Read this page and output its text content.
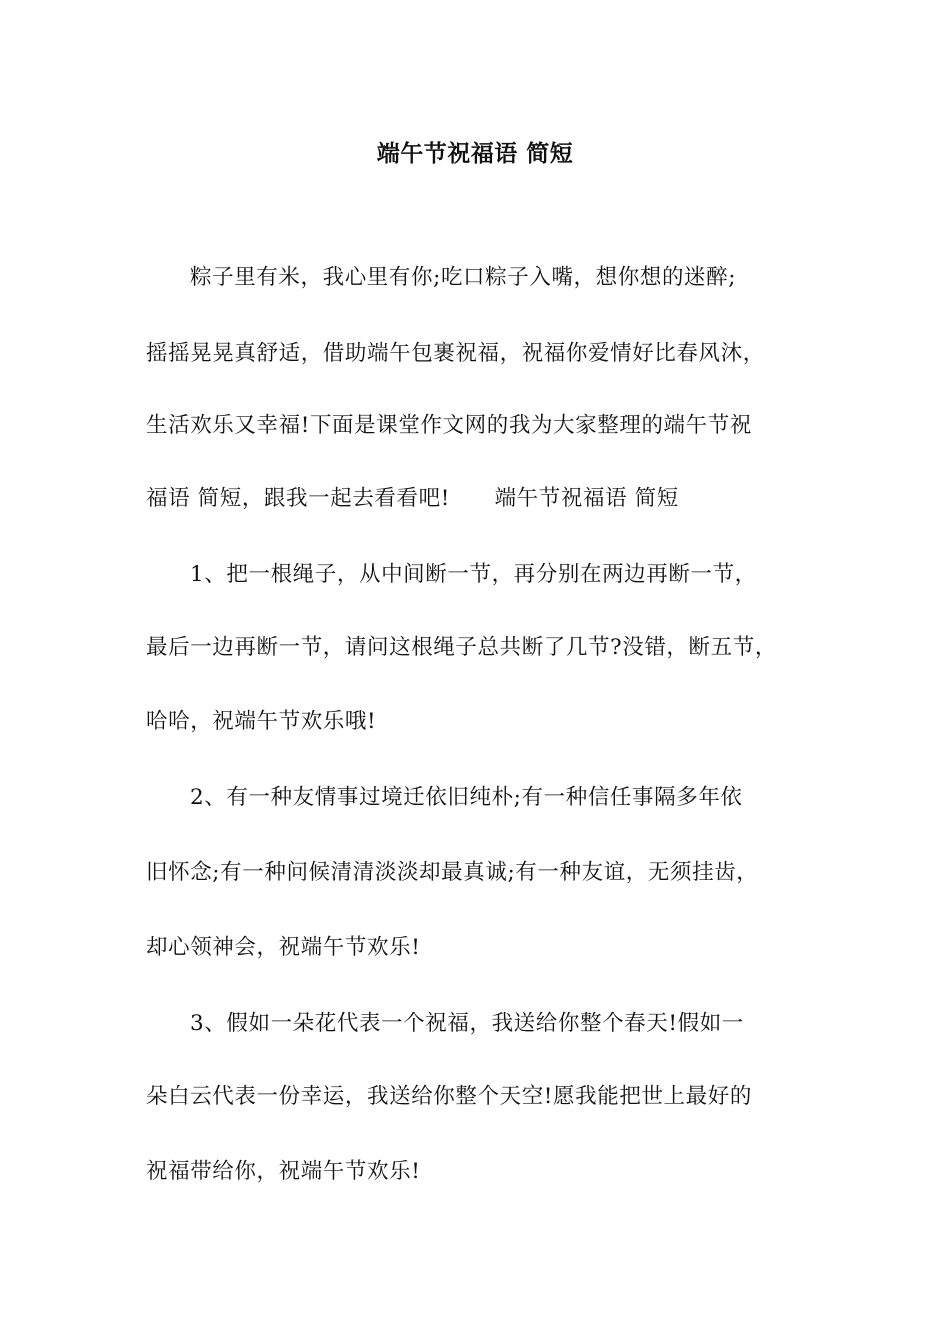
端午节祝福语 简短
粽子里有米，我心里有你;吃口粽子入嘴，想你想的迷醉;
摇摇晃晃真舒适，借助端午包裹祝福，祝福你爱情好比春风沐，
生活欢乐又幸福!下面是课堂作文网的我为大家整理的端午节祝
福语 简短，跟我一起去看看吧!      端午节祝福语 简短
1、把一根绳子，从中间断一节，再分别在两边再断一节，
最后一边再断一节，请问这根绳子总共断了几节?没错，断五节，
哈哈，祝端午节欢乐哦!
2、有一种友情事过境迁依旧纯朴;有一种信任事隔多年依
旧怀念;有一种问候清清淡淡却最真诚;有一种友谊，无须挂齿，
却心领神会，祝端午节欢乐!
3、假如一朵花代表一个祝福，我送给你整个春天!假如一
朵白云代表一份幸运，我送给你整个天空!愿我能把世上最好的
祝福带给你，祝端午节欢乐!
